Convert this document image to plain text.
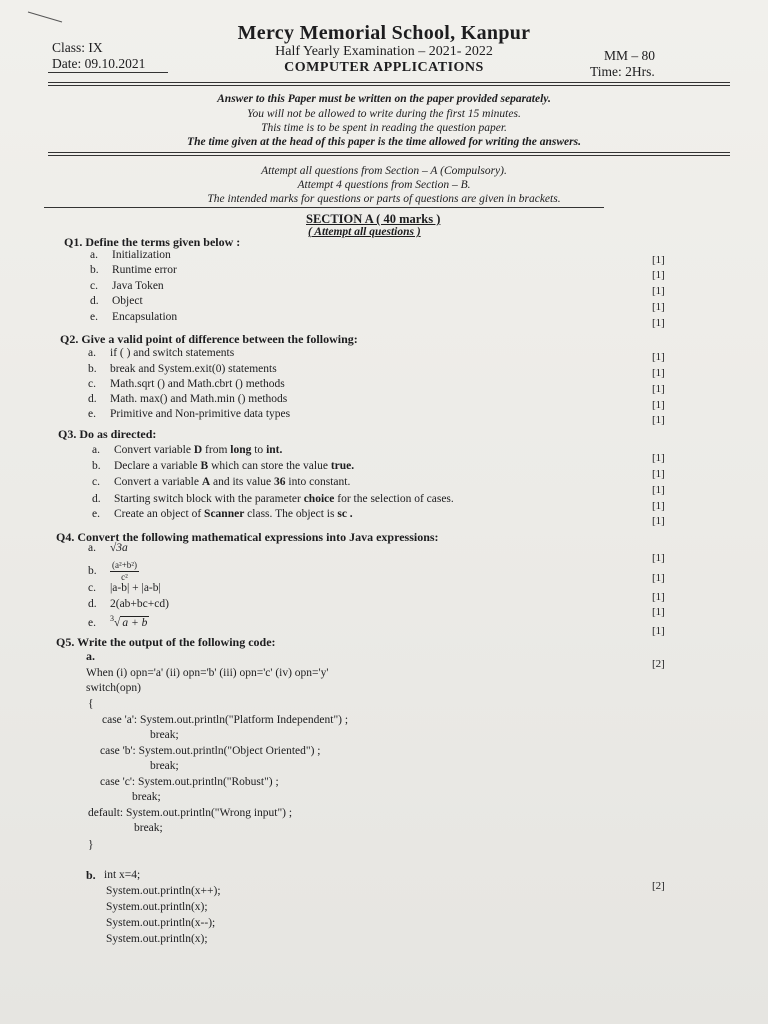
Mercy Memorial School, Kanpur
Half Yearly Examination – 2021- 2022
COMPUTER APPLICATIONS
Class: IX
Date: 09.10.2021
MM – 80
Time: 2Hrs.
Answer to this Paper must be written on the paper provided separately.
You will not be allowed to write during the first 15 minutes.
This time is to be spent in reading the question paper.
The time given at the head of this paper is the time allowed for writing the answers.
Attempt all questions from Section – A (Compulsory).
Attempt 4 questions from Section – B.
The intended marks for questions or parts of questions are given in brackets.
SECTION A ( 40 marks )
( Attempt all questions )
Q1. Define the terms given below :
a. Initialization
b. Runtime error
c. Java Token
d. Object
e. Encapsulation
[1]
[1]
[1]
[1]
[1]
Q2. Give a valid point of difference between the following:
a. if ( ) and switch statements
b. break and System.exit(0) statements
c. Math.sqrt () and Math.cbrt () methods
d. Math. max() and Math.min () methods
e. Primitive and Non-primitive data types
[1]
[1]
[1]
[1]
[1]
Q3. Do as directed:
a. Convert variable D from long to int.
b. Declare a variable B which can store the value true.
c. Convert a variable A and its value 36 into constant.
d. Starting switch block with the parameter choice for the selection of cases.
e. Create an object of Scanner class. The object is sc .
[1]
[1]
[1]
[1]
[1]
Q4. Convert the following mathematical expressions into Java expressions:
a. √3a
b. $\frac{\text{(a²+b²)}}{\text{c²}}$
c. |a-b| + |a-b|
d. 2(ab+bc+cd)
e. $^3$√ a + b
[1]
[1]
[1]
[1]
[1]
Q5. Write the output of the following code:
a.
[2]
When (i) opn='a' (ii) opn='b' (iii) opn='c' (iv) opn='y'
switch(opn)
{
case 'a': System.out.println("Platform Independent") ;
break;
case 'b': System.out.println("Object Oriented") ;
break;
case 'c': System.out.println("Robust") ;
break;
default: System.out.println("Wrong input") ;
break;
}
b.
[2]
int x=4;
System.out.println(x++);
System.out.println(x);
System.out.println(x--);
System.out.println(x);
